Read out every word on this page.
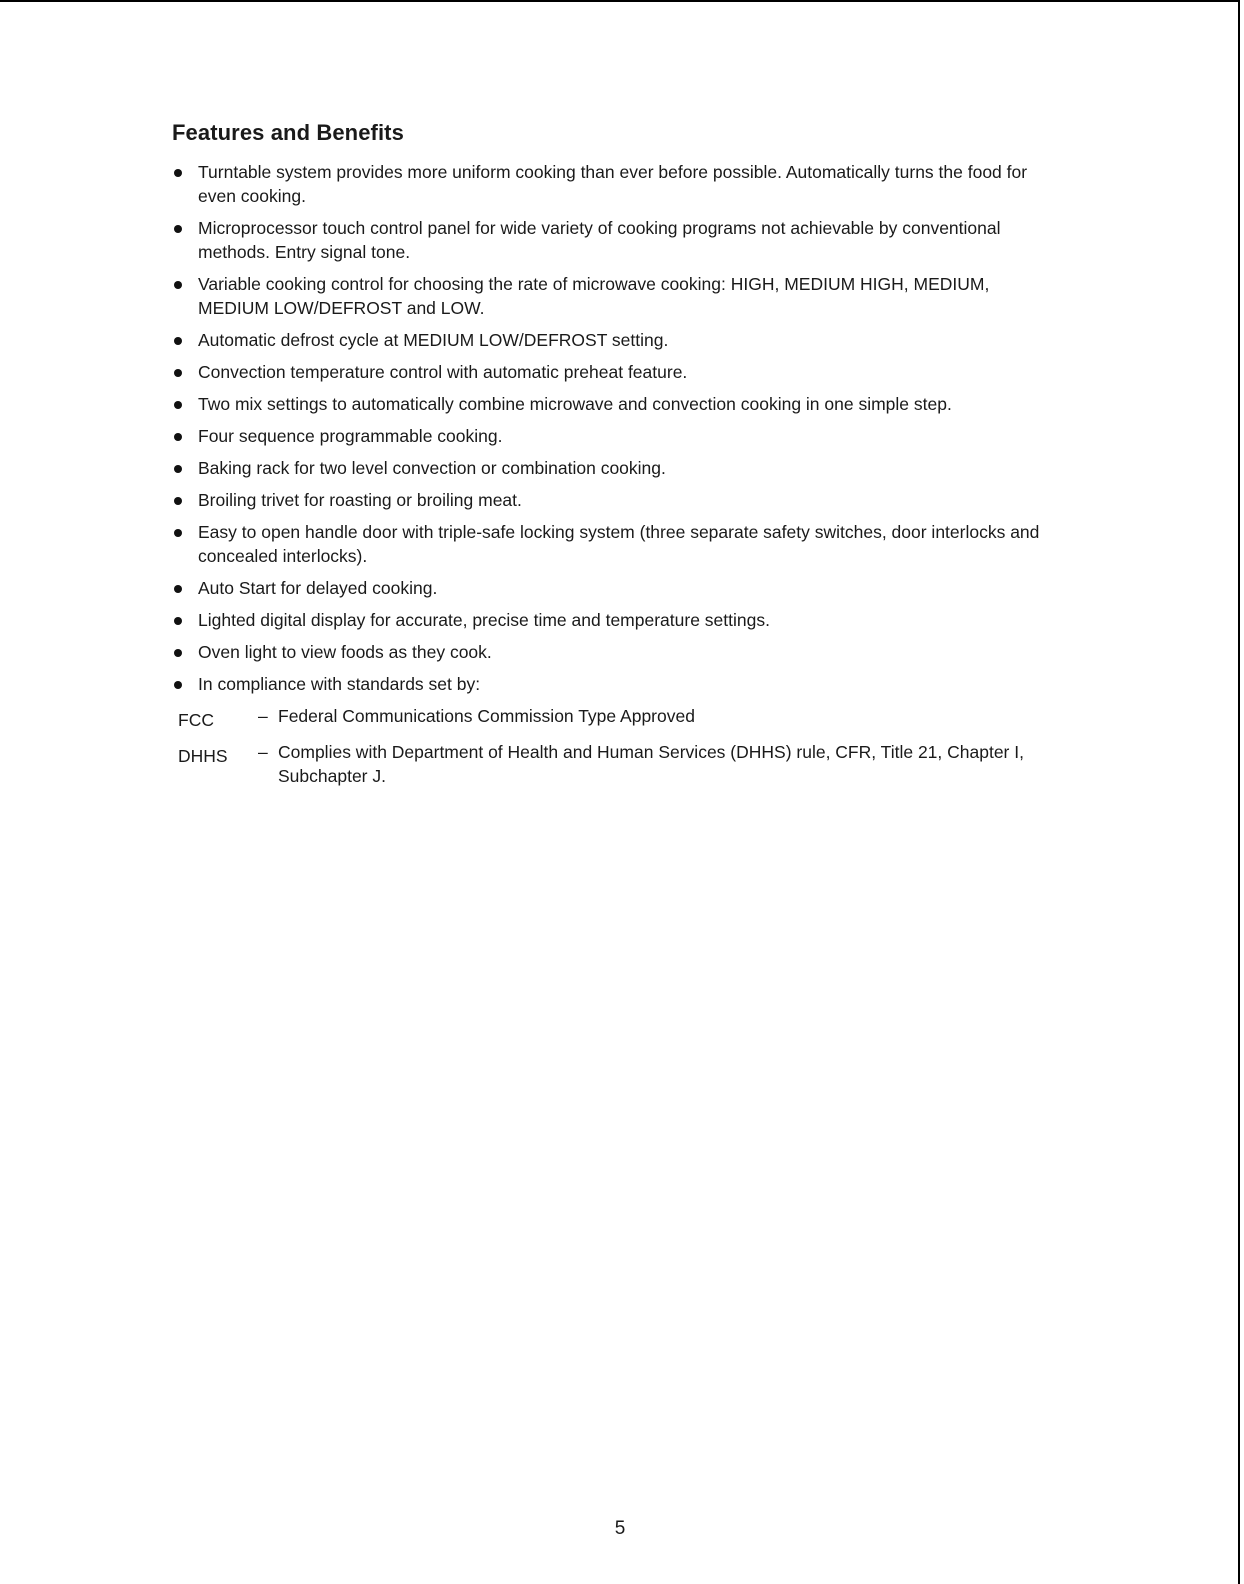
Features and Benefits
Turntable system provides more uniform cooking than ever before possible. Automatically turns the food for even cooking.
Microprocessor touch control panel for wide variety of cooking programs not achievable by conventional methods. Entry signal tone.
Variable cooking control for choosing the rate of microwave cooking: HIGH, MEDIUM HIGH, MEDIUM, MEDIUM LOW/DEFROST and LOW.
Automatic defrost cycle at MEDIUM LOW/DEFROST setting.
Convection temperature control with automatic preheat feature.
Two mix settings to automatically combine microwave and convection cooking in one simple step.
Four sequence programmable cooking.
Baking rack for two level convection or combination cooking.
Broiling trivet for roasting or broiling meat.
Easy to open handle door with triple-safe locking system (three separate safety switches, door interlocks and concealed interlocks).
Auto Start for delayed cooking.
Lighted digital display for accurate, precise time and temperature settings.
Oven light to view foods as they cook.
In compliance with standards set by:
FCC	– Federal Communications Commission Type Approved
DHHS	– Complies with Department of Health and Human Services (DHHS) rule, CFR, Title 21, Chapter I, Subchapter J.
5
